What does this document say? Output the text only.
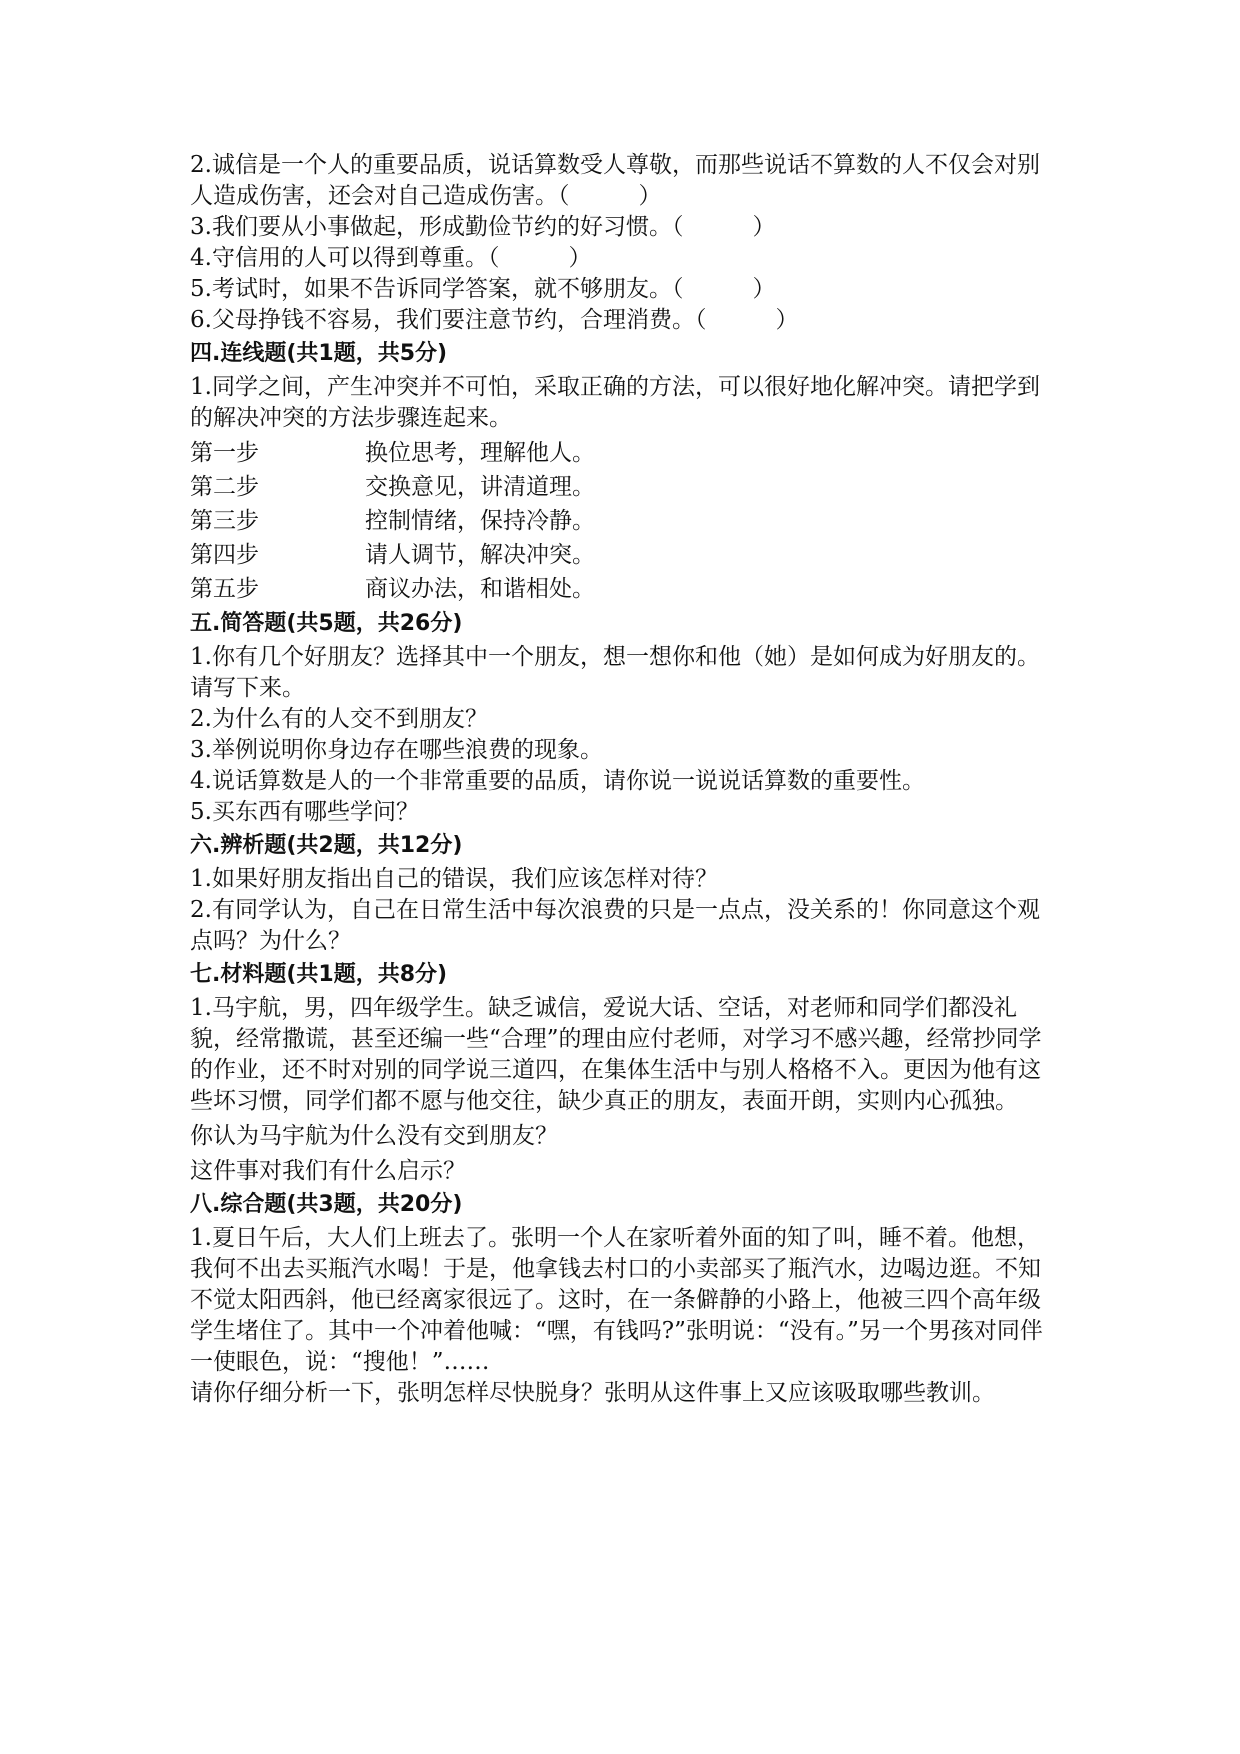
2.诚信是一个人的重要品质，说话算数受人尊敬，而那些说话不算数的人不仅会对别人造成伤害，还会对自己造成伤害。（　　　）

3.我们要从小事做起，形成勤俭节约的好习惯。（　　　）

4.守信用的人可以得到尊重。（　　　）

5.考试时，如果不告诉同学答案，就不够朋友。（　　　）

6.父母挣钱不容易，我们要注意节约，合理消费。（　　　）

四.连线题(共1题，共5分)

1.同学之间，产生冲突并不可怕，采取正确的方法，可以很好地化解冲突。请把学到的解决冲突的方法步骤连起来。

第一步	换位思考，理解他人。
第二步	交换意见，讲清道理。
第三步	控制情绪，保持冷静。
第四步	请人调节，解决冲突。
第五步	商议办法，和谐相处。
五.简答题(共5题，共26分)

1.你有几个好朋友？选择其中一个朋友，想一想你和他（她）是如何成为好朋友的。请写下来。

2.为什么有的人交不到朋友？

3.举例说明你身边存在哪些浪费的现象。

4.说话算数是人的一个非常重要的品质，请你说一说说话算数的重要性。

5.买东西有哪些学问？

六.辨析题(共2题，共12分)

1.如果好朋友指出自己的错误，我们应该怎样对待？

2.有同学认为，自己在日常生活中每次浪费的只是一点点，没关系的！你同意这个观点吗？为什么？

七.材料题(共1题，共8分)

1.马宇航，男，四年级学生。缺乏诚信，爱说大话、空话，对老师和同学们都没礼貌，经常撒谎，甚至还编一些“合理”的理由应付老师，对学习不感兴趣，经常抄同学的作业，还不时对别的同学说三道四，在集体生活中与别人格格不入。更因为他有这些坏习惯，同学们都不愿与他交往，缺少真正的朋友，表面开朗，实则内心孤独。

你认为马宇航为什么没有交到朋友？

这件事对我们有什么启示？

八.综合题(共3题，共20分)

1.夏日午后，大人们上班去了。张明一个人在家听着外面的知了叫，睡不着。他想，我何不出去买瓶汽水喝！于是，他拿钱去村口的小卖部买了瓶汽水，边喝边逛。不知不觉太阳西斜，他已经离家很远了。这时，在一条僻静的小路上，他被三四个高年级学生堵住了。其中一个冲着他喊：“嘿，有钱吗?”张明说：“没有。”另一个男孩对同伴一使眼色，说：“搜他！”……

请你仔细分析一下，张明怎样尽快脱身？张明从这件事上又应该吸取哪些教训。
